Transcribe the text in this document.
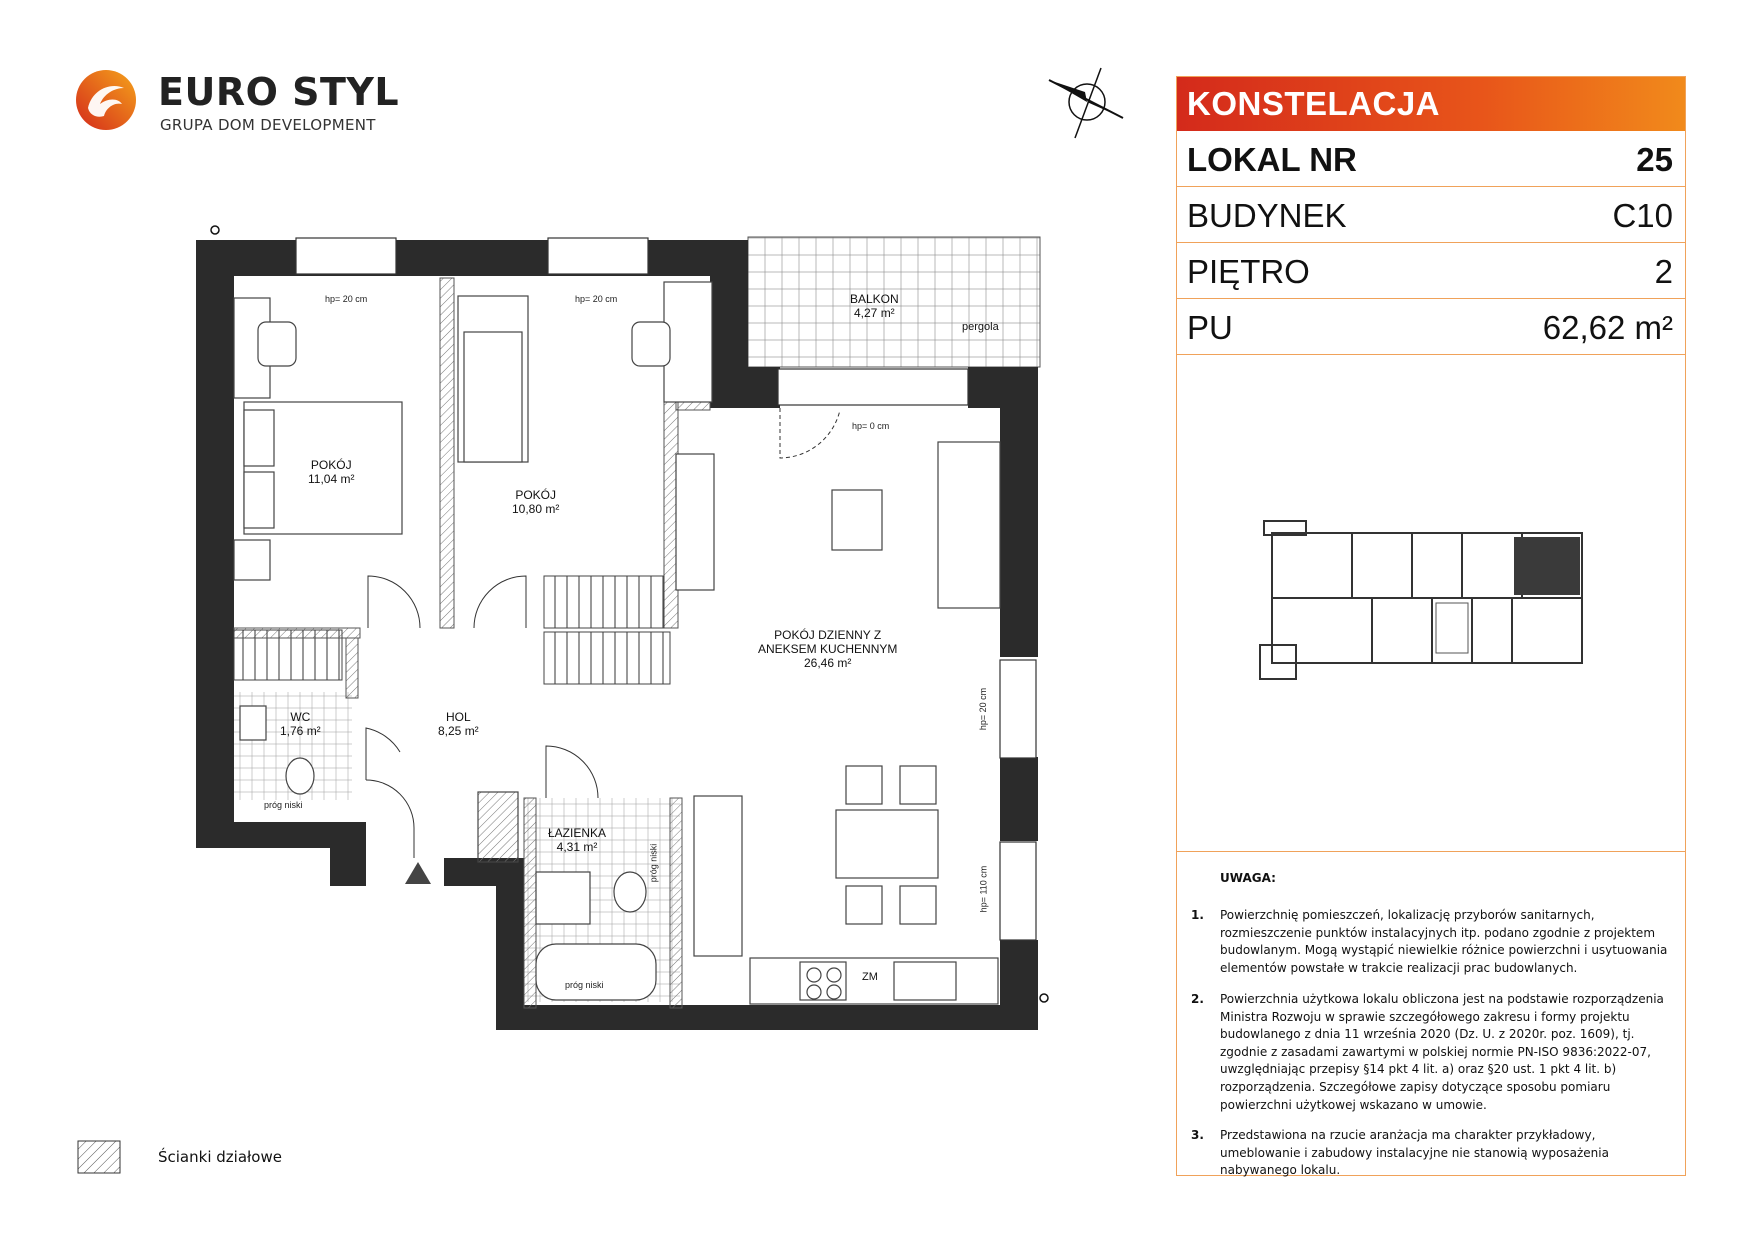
EURO STYL
GRUPA DOM DEVELOPMENT
POKÓJ
11,04 m²
POKÓJ
10,80 m²
BALKON
4,27 m²
POKÓJ DZIENNY Z
ANEKSEM KUCHENNYM
26,46 m²
WC
1,76 m²
HOL
8,25 m²
ŁAZIENKA
4,31 m²
hp= 20 cm	hp= 20 cm
hp= 0 cm
hp= 20 cm
hp= 110 cm
pergola
próg niski
próg niski
próg niski
ZM
KONSTELACJA
LOKAL NR	25
BUDYNEK	C10
PIĘTRO	2
PU	62,62 m²
UWAGA:
1. Powierzchnię pomieszczeń, lokalizację przyborów sanitarnych, rozmieszczenie punktów instalacyjnych itp. podano zgodnie z projektem budowlanym. Mogą wystąpić niewielkie różnice powierzchni i usytuowania elementów powstałe w trakcie realizacji prac budowlanych.
2. Powierzchnia użytkowa lokalu obliczona jest na podstawie rozporządzenia Ministra Rozwoju w sprawie szczegółowego zakresu i formy projektu budowlanego z dnia 11 września 2020 (Dz. U. z 2020r. poz. 1609), tj. zgodnie z zasadami zawartymi w polskiej normie PN-ISO 9836:2022-07, uwzględniając przepisy §14 pkt 4 lit. a) oraz §20 ust. 1 pkt 4 lit. b) rozporządzenia. Szczegółowe zapisy dotyczące sposobu pomiaru powierzchni użytkowej wskazano w umowie.
3. Przedstawiona na rzucie aranżacja ma charakter przykładowy, umeblowanie i zabudowy instalacyjne nie stanowią wyposażenia nabywanego lokalu.
Ścianki działowe
